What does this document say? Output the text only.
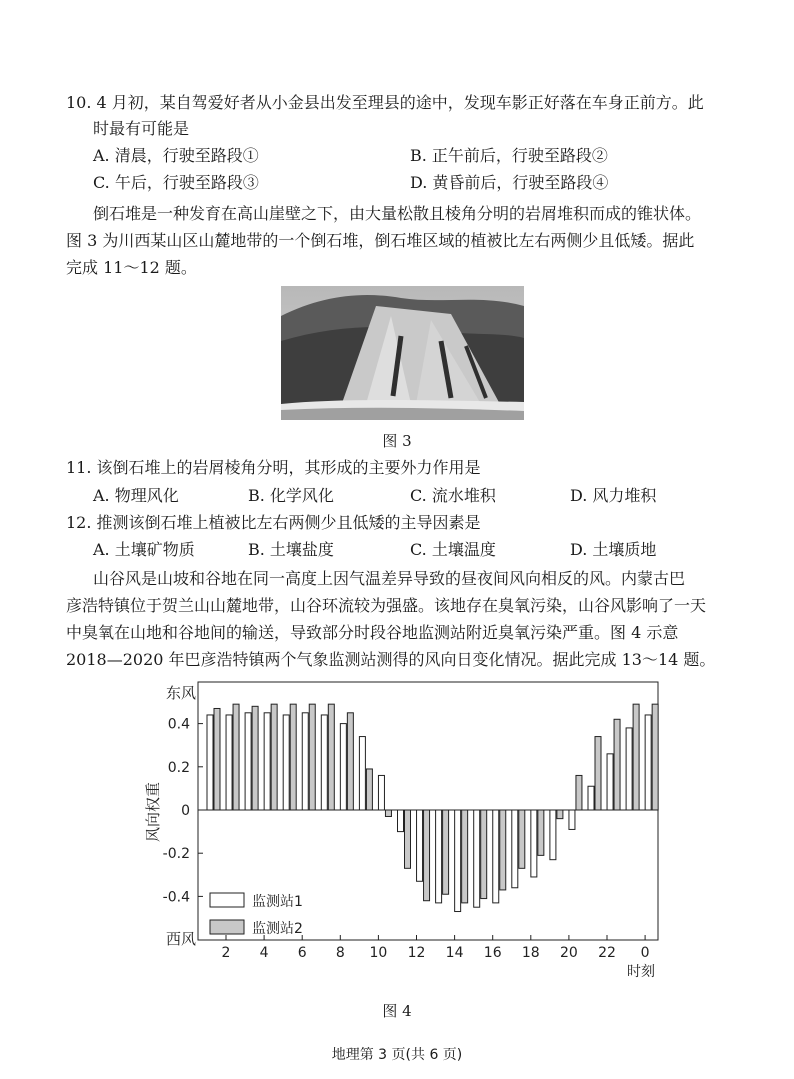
10. 4 月初，某自驾爱好者从小金县出发至理县的途中，发现车影正好落在车身正前方。此
时最有可能是
A. 清晨，行驶至路段①	B. 正午前后，行驶至路段②
C. 午后，行驶至路段③	D. 黄昏前后，行驶至路段④
倒石堆是一种发育在高山崖壁之下，由大量松散且棱角分明的岩屑堆积而成的锥状体。
图 3 为川西某山区山麓地带的一个倒石堆，倒石堆区域的植被比左右两侧少且低矮。据此
完成 11～12 题。
图 3
11. 该倒石堆上的岩屑棱角分明，其形成的主要外力作用是
A. 物理风化	B. 化学风化	C. 流水堆积	D. 风力堆积
12. 推测该倒石堆上植被比左右两侧少且低矮的主导因素是
A. 土壤矿物质	B. 土壤盐度	C. 土壤温度	D. 土壤质地
山谷风是山坡和谷地在同一高度上因气温差异导致的昼夜间风向相反的风。内蒙古巴
彦浩特镇位于贺兰山山麓地带，山谷环流较为强盛。该地存在臭氧污染，山谷风影响了一天
中臭氧在山地和谷地间的输送，导致部分时段谷地监测站附近臭氧污染严重。图 4 示意
2018—2020 年巴彦浩特镇两个气象监测站测得的风向日变化情况。据此完成 13～14 题。
0.4
0.2
0
-0.2
-0.4
东风
西风
风向权重
2 4 6 8 10 12 14 16 18 20 22 0
时刻
监测站1
监测站2
图 4
地理第 3 页(共 6 页)
